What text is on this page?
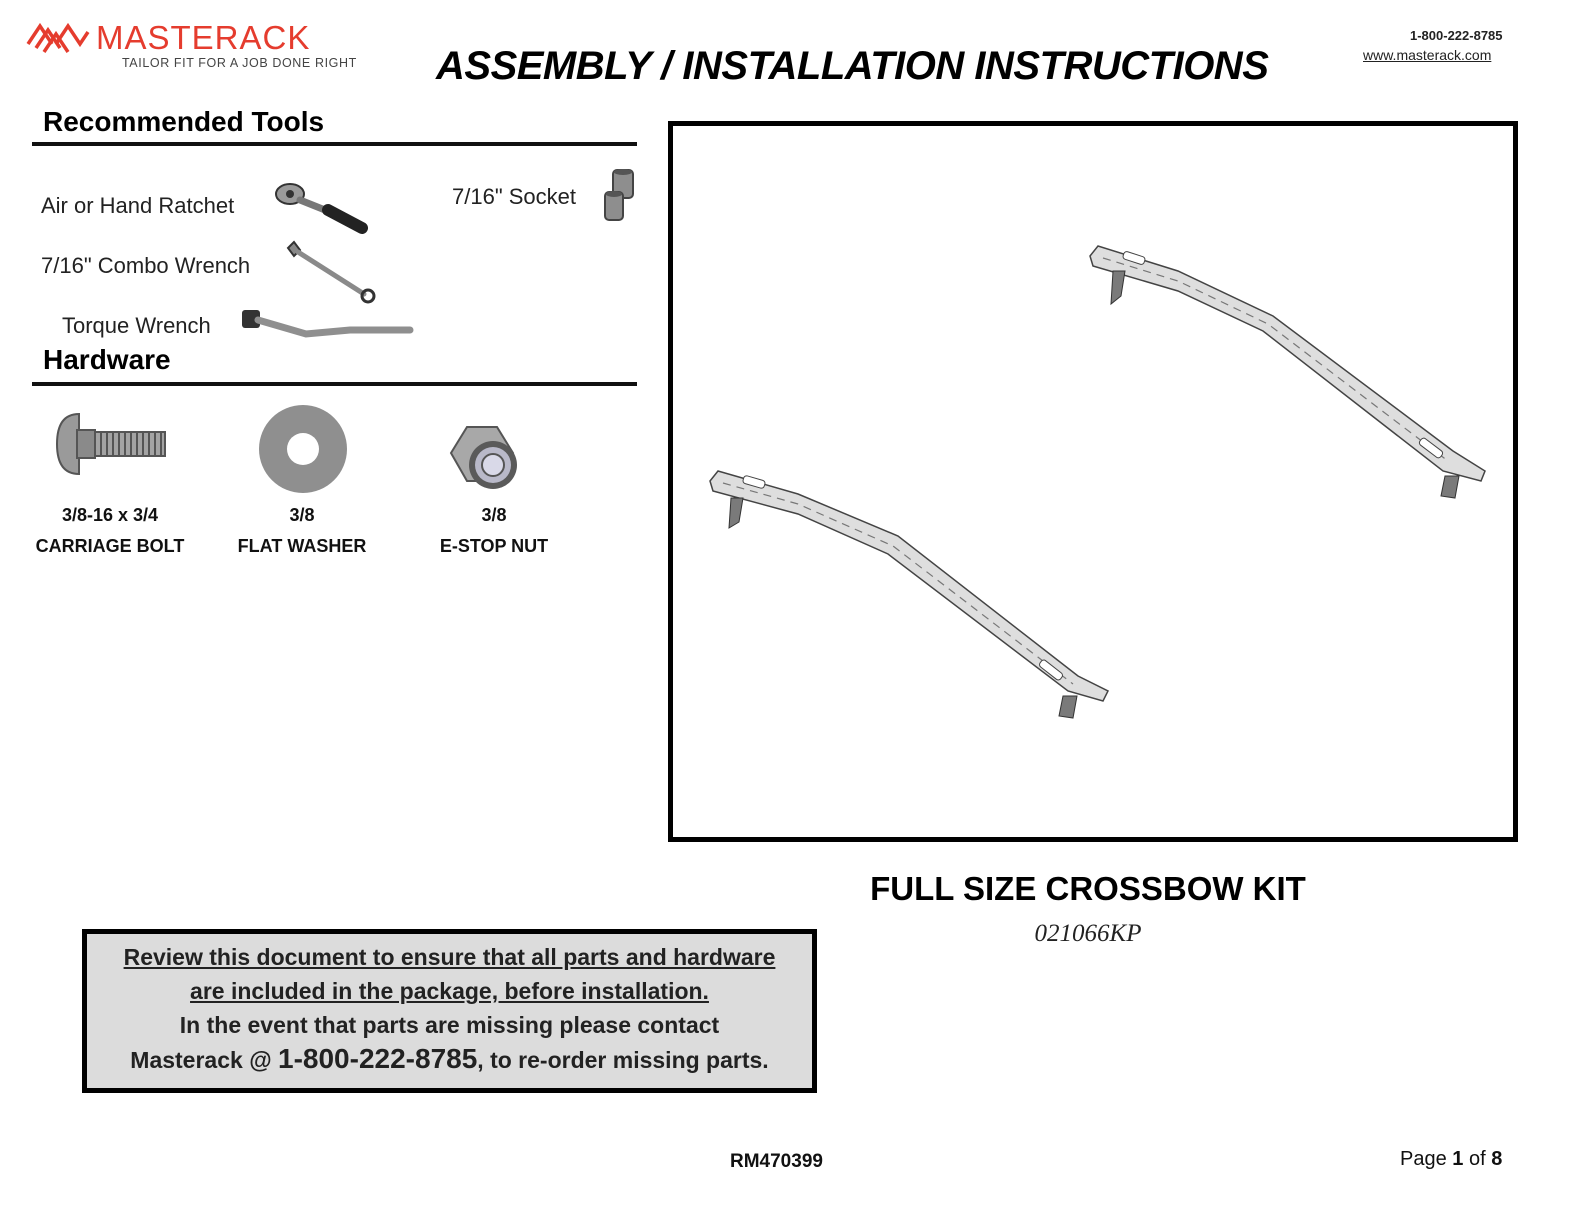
MASTERACK
TAILOR FIT FOR A JOB DONE RIGHT ASSEMBLY / INSTALLATION INSTRUCTIONS
1-800-222-8785
www.masterack.com
Recommended Tools
Air or Hand Ratchet
7/16" Combo Wrench
Torque Wrench
7/16" Socket
Hardware
3/8-16 x 3/4
CARRIAGE BOLT
3/8
FLAT WASHER
3/8
E-STOP NUT
FULL SIZE CROSSBOW KIT
021066KP
Review this document to ensure that all parts and hardware
are included in the package, before installation.
In the event that parts are missing please contact
Masterack @ 1-800-222-8785, to re-order missing parts.
RM470399	Page 1 of 8
